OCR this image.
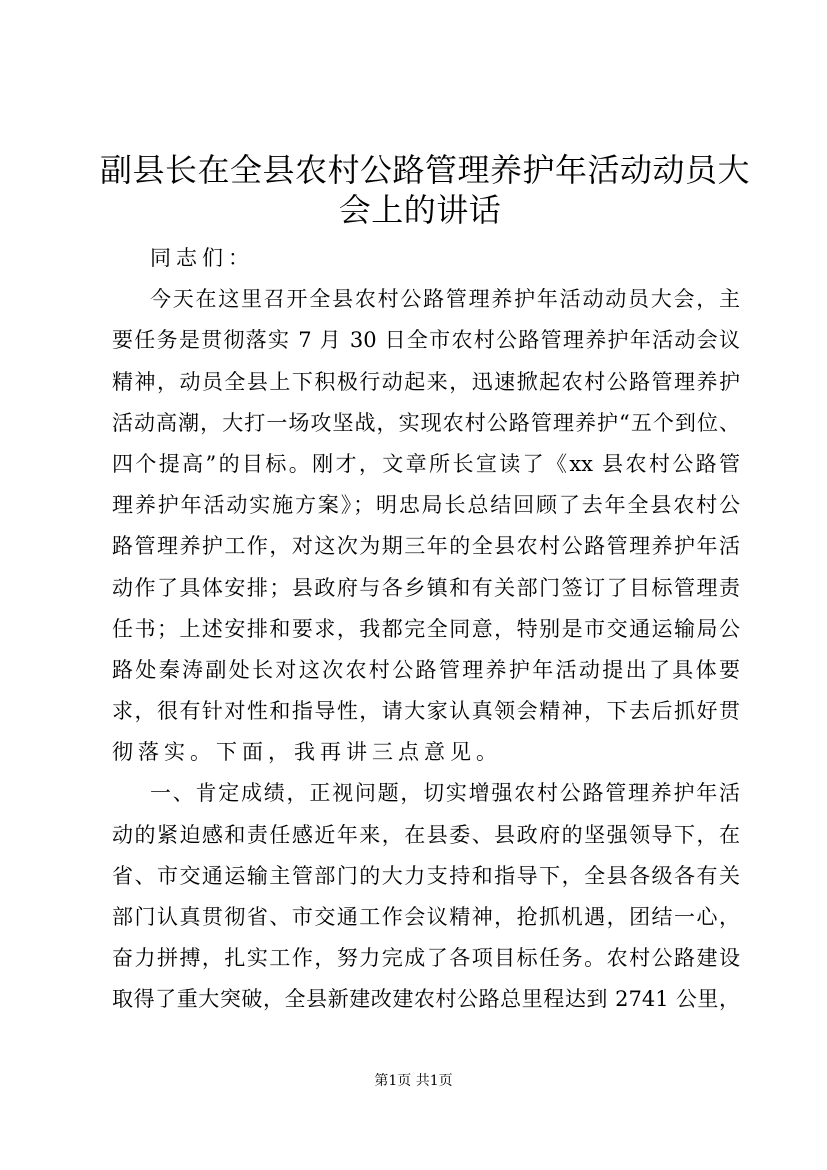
副县长在全县农村公路管理养护年活动动员大
会上的讲话
同志们：
今天在这里召开全县农村公路管理养护年活动动员大会，主
要任务是贯彻落实 7 月 30 日全市农村公路管理养护年活动会议
精神，动员全县上下积极行动起来，迅速掀起农村公路管理养护
活动高潮，大打一场攻坚战，实现农村公路管理养护“五个到位、
四个提高”的目标。刚才，文章所长宣读了《xx 县农村公路管
理养护年活动实施方案》；明忠局长总结回顾了去年全县农村公
路管理养护工作，对这次为期三年的全县农村公路管理养护年活
动作了具体安排；县政府与各乡镇和有关部门签订了目标管理责
任书；上述安排和要求，我都完全同意，特别是市交通运输局公
路处秦涛副处长对这次农村公路管理养护年活动提出了具体要
求，很有针对性和指导性，请大家认真领会精神，下去后抓好贯
彻落实。下面，我再讲三点意见。
一、肯定成绩，正视问题，切实增强农村公路管理养护年活
动的紧迫感和责任感近年来，在县委、县政府的坚强领导下，在
省、市交通运输主管部门的大力支持和指导下，全县各级各有关
部门认真贯彻省、市交通工作会议精神，抢抓机遇，团结一心，
奋力拼搏，扎实工作，努力完成了各项目标任务。农村公路建设
取得了重大突破，全县新建改建农村公路总里程达到 2741 公里，
第1页 共1页
